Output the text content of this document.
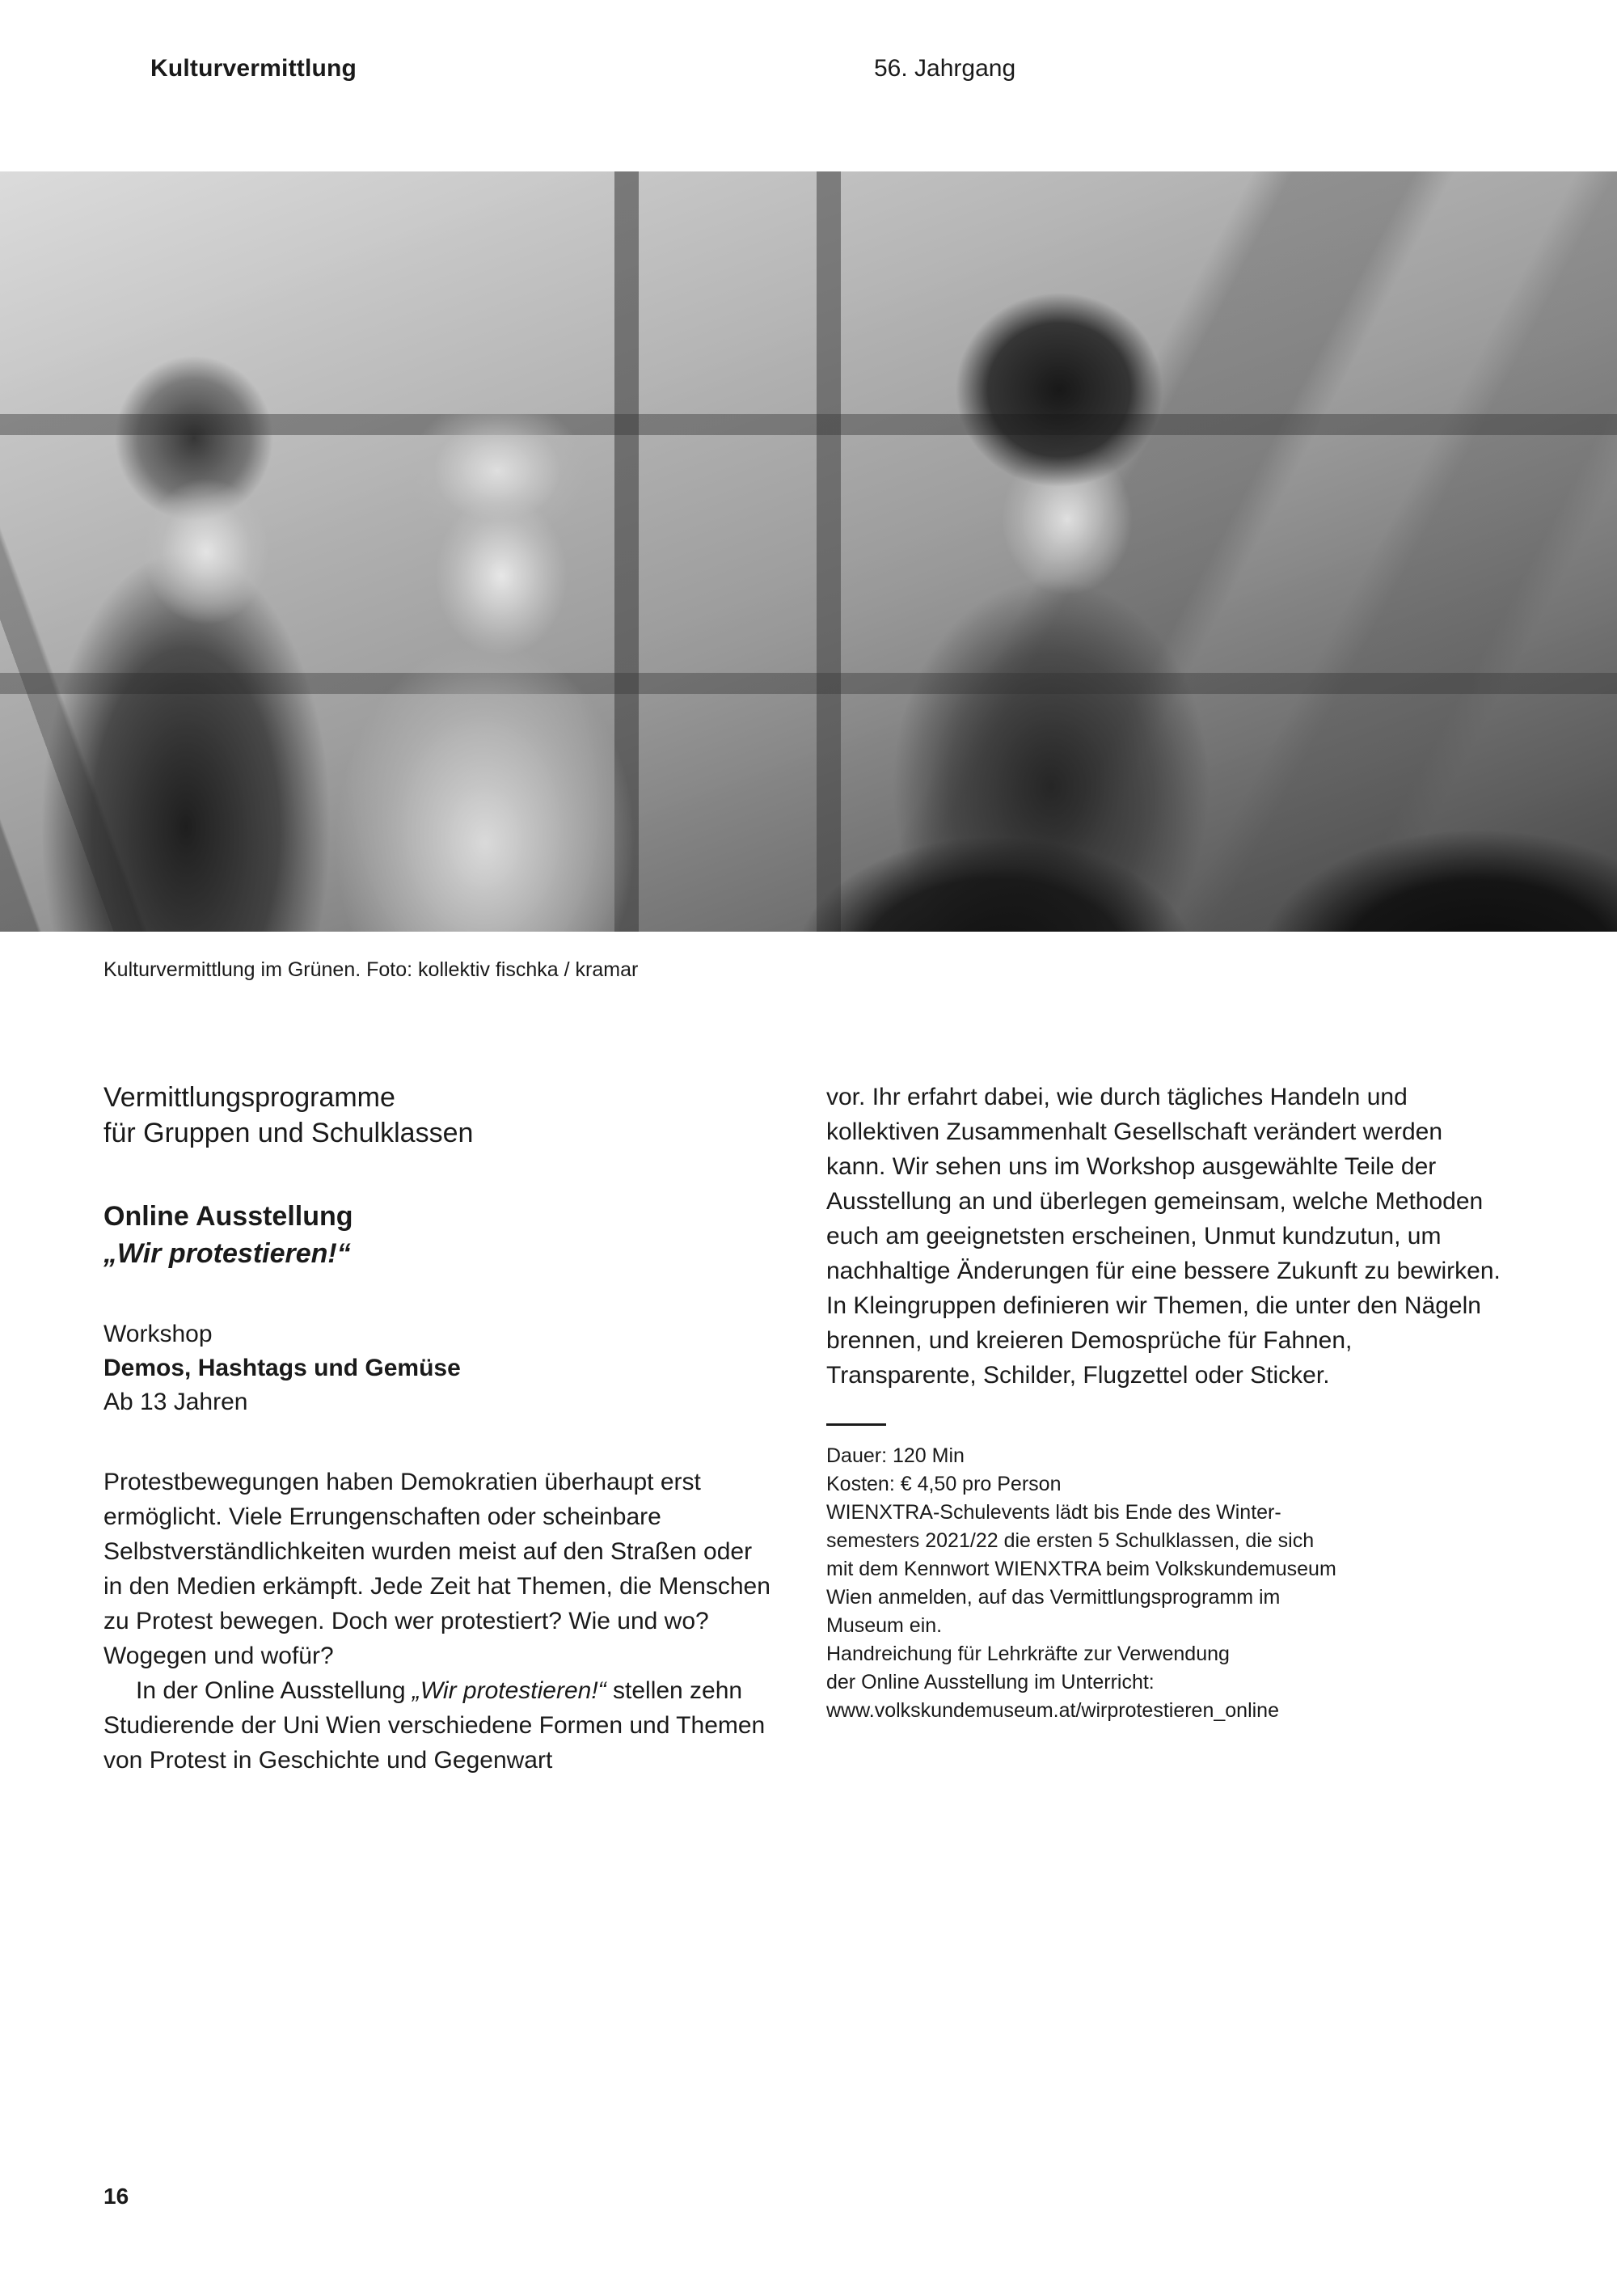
Kulturvermittlung	56. Jahrgang
Kulturvermittlung im Grünen. Foto: kollektiv fischka / kramar
Vermittlungsprogramme
für Gruppen und Schulklassen
Online Ausstellung
„Wir protestieren!“
Workshop
Demos, Hashtags und Gemüse
Ab 13 Jahren

Protestbewegungen haben Demokratien überhaupt erst ermöglicht. Viele Errungenschaften oder scheinbare Selbstverständlichkeiten wurden meist auf den Straßen oder in den Medien erkämpft. Jede Zeit hat Themen, die Menschen zu Protest bewegen. Doch wer protestiert? Wie und wo? Wogegen und wofür?

In der Online Ausstellung „Wir protestieren!“ stellen zehn Studierende der Uni Wien verschiedene Formen und Themen von Protest in Geschichte und Gegenwart

vor. Ihr erfahrt dabei, wie durch tägliches Handeln und kollektiven Zusammenhalt Gesellschaft verändert werden kann. Wir sehen uns im Workshop ausgewählte Teile der Ausstellung an und überlegen gemeinsam, welche Methoden euch am geeignetsten erscheinen, Unmut kundzutun, um nachhaltige Änderungen für eine bessere Zukunft zu bewirken. In Kleingruppen definieren wir Themen, die unter den Nägeln brennen, und kreieren Demosprüche für Fahnen, Transparente, Schilder, Flugzettel oder Sticker.

Dauer: 120 Min
Kosten: € 4,50 pro Person
WIENXTRA-Schulevents lädt bis Ende des Winter-
semesters 2021/22 die ersten 5 Schulklassen, die sich
mit dem Kennwort WIENXTRA beim Volkskundemuseum
Wien anmelden, auf das Vermittlungsprogramm im
Museum ein.
Handreichung für Lehrkräfte zur Verwendung
der Online Ausstellung im Unterricht:
www.volkskundemuseum.at/wirprotestieren_online
16
